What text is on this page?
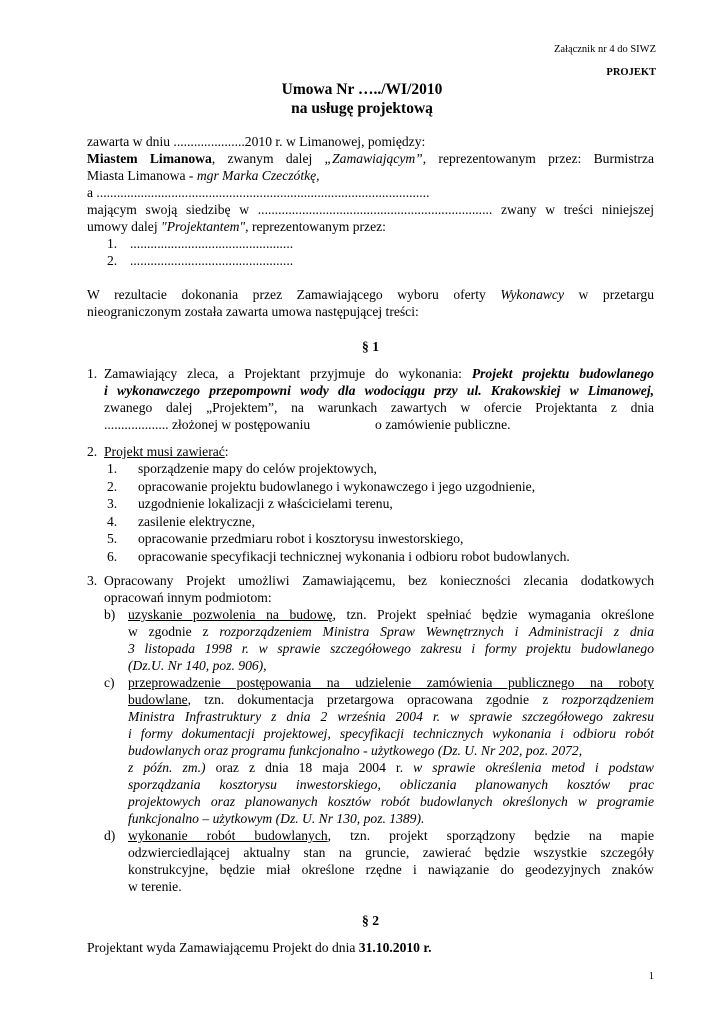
Załącznik nr 4 do SIWZ
PROJEKT
Umowa Nr …../WI/2010
na usługę projektową
zawarta w dniu .....................2010 r. w Limanowej, pomiędzy:
Miastem Limanowa, zwanym dalej „Zamawiającym”, reprezentowanym przez: Burmistrza
Miasta Limanowa - mgr Marka Czeczótkę,
a ..................................................................................................
mającym swoją siedzibę w ..................................................................... zwany w treści niniejszej
umowy dalej "Projektantem", reprezentowanym przez:
1. ................................................
2. ................................................
W rezultacie dokonania przez Zamawiającego wyboru oferty Wykonawcy w przetargu
nieograniczonym została zawarta umowa następującej treści:
§ 1
1. Zamawiający zleca, a Projektant przyjmuje do wykonania: Projekt projektu budowlanego
i wykonawczego przepompowni wody dla wodociągu przy ul. Krakowskiej w Limanowej,
zwanego dalej „Projektem”, na warunkach zawartych w ofercie Projektanta z dnia
................... złożonej w postępowaniu	o zamówienie publiczne.
2. Projekt musi zawierać:
1. sporządzenie mapy do celów projektowych,
2. opracowanie projektu budowlanego i wykonawczego i jego uzgodnienie,
3. uzgodnienie lokalizacji z właścicielami terenu,
4. zasilenie elektryczne,
5. opracowanie przedmiaru robot i kosztorysu inwestorskiego,
6. opracowanie specyfikacji technicznej wykonania i odbioru robot budowlanych.
3. Opracowany Projekt umożliwi Zamawiającemu, bez konieczności zlecania dodatkowych
opracowań innym podmiotom:
b) uzyskanie pozwolenia na budowę, tzn. Projekt spełniać będzie wymagania określone
w zgodnie z rozporządzeniem Ministra Spraw Wewnętrznych i Administracji z dnia
3 listopada 1998 r. w sprawie szczegółowego zakresu i formy projektu budowlanego
(Dz.U. Nr 140, poz. 906),
c) przeprowadzenie postępowania na udzielenie zamówienia publicznego na roboty
budowlane, tzn. dokumentacja przetargowa opracowana zgodnie z rozporządzeniem
Ministra Infrastruktury z dnia 2 września 2004 r. w sprawie szczegółowego zakresu
i formy dokumentacji projektowej, specyfikacji technicznych wykonania i odbioru robót
budowlanych oraz programu funkcjonalno - użytkowego (Dz. U. Nr 202, poz. 2072,
z późn. zm.) oraz z dnia 18 maja 2004 r. w sprawie określenia metod i podstaw
sporządzania kosztorysu inwestorskiego, obliczania planowanych kosztów prac
projektowych oraz planowanych kosztów robót budowlanych określonych w programie
funkcjonalno – użytkowym (Dz. U. Nr 130, poz. 1389).
d) wykonanie robót budowlanych, tzn. projekt sporządzony będzie na mapie
odzwierciedlającej aktualny stan na gruncie, zawierać będzie wszystkie szczegóły
konstrukcyjne, będzie miał określone rzędne i nawiązanie do geodezyjnych znaków
w terenie.
§ 2
Projektant wyda Zamawiającemu Projekt do dnia 31.10.2010 r.
1
